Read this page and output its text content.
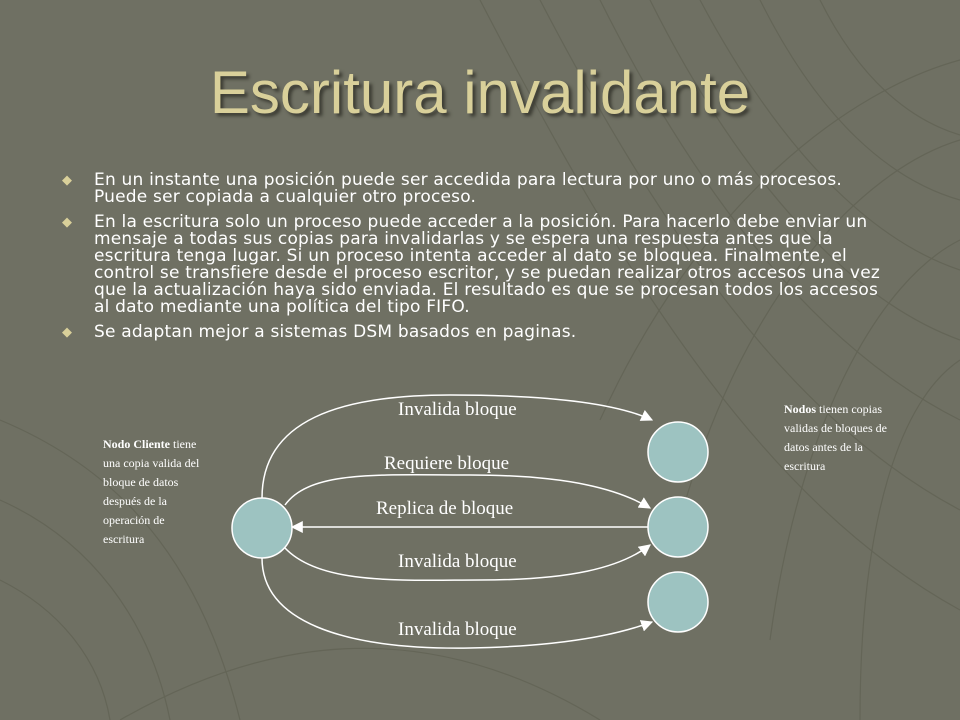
Escritura invalidante
◆ En un instante una posición puede ser accedida para lectura por uno o más procesos. Puede ser copiada a cualquier otro proceso.
◆ En la escritura solo un proceso puede acceder a la posición. Para hacerlo debe enviar un mensaje a todas sus copias para invalidarlas y se espera una respuesta antes que la escritura tenga lugar. Si un proceso intenta acceder al dato se bloquea. Finalmente, el control se transfiere desde el proceso escritor, y se puedan realizar otros accesos una vez que la actualización haya sido enviada. El resultado es que se procesan todos los accesos al dato mediante una política del tipo FIFO.
◆ Se adaptan mejor a sistemas DSM basados en paginas.
Invalida bloque
Requiere bloque
Replica de bloque
Invalida bloque
Invalida bloque
Nodo Cliente tiene una copia valida del bloque de datos después de la operación de escritura
Nodos tienen copias validas de bloques de datos antes de la escritura
